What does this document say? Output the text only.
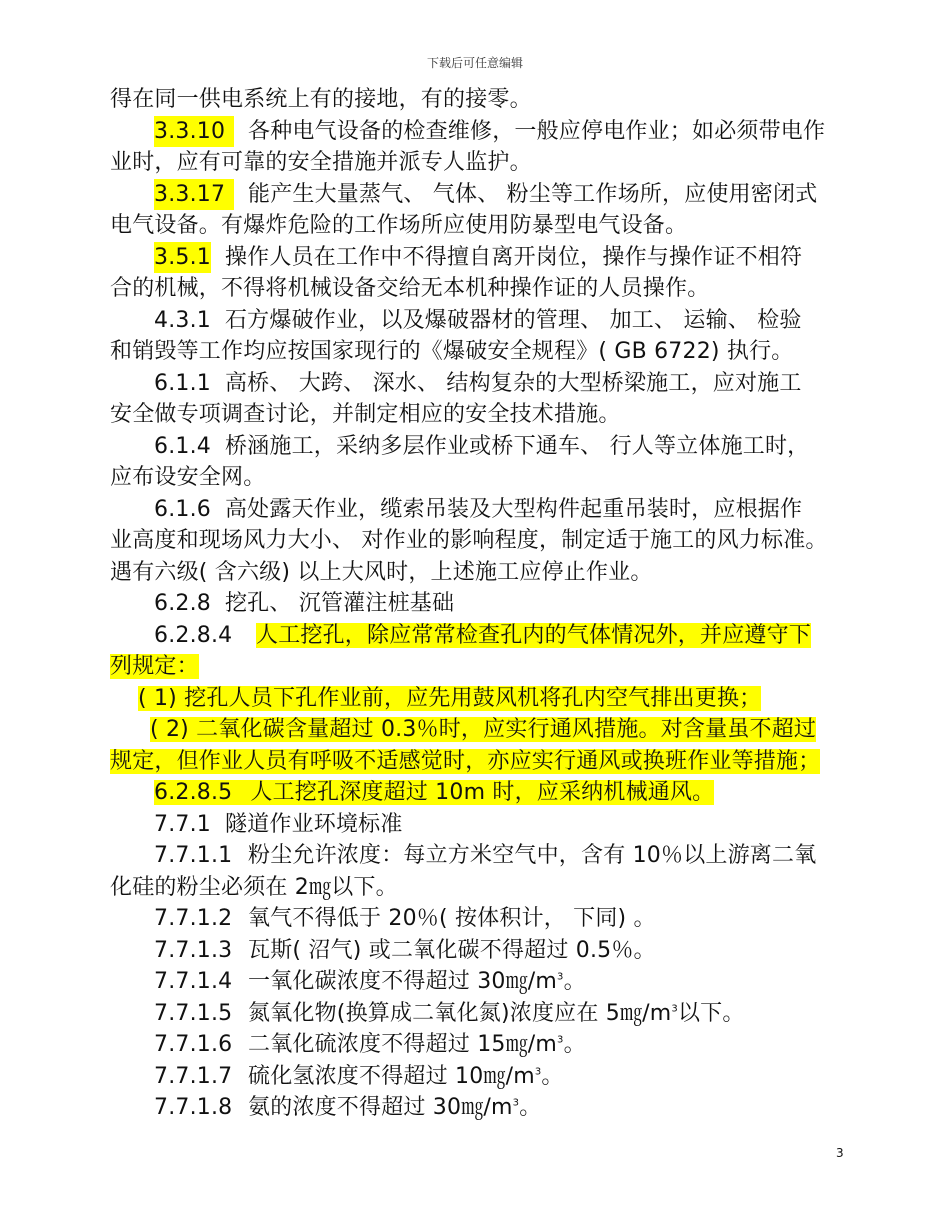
下载后可任意编辑
得在同一供电系统上有的接地，有的接零。
3.3.10 各种电气设备的检查维修，一般应停电作业；如必须带电作
业时，应有可靠的安全措施并派专人监护。
3.3.17 能产生大量蒸气、 气体、 粉尘等工作场所，应使用密闭式
电气设备。有爆炸危险的工作场所应使用防暴型电气设备。
3.5.1 操作人员在工作中不得擅自离开岗位，操作与操作证不相符
合的机械，不得将机械设备交给无本机种操作证的人员操作。
4.3.1 石方爆破作业，以及爆破器材的管理、 加工、 运输、 检验
和销毁等工作均应按国家现行的《爆破安全规程》( GB 6722) 执行。
6.1.1 高桥、 大跨、 深水、 结构复杂的大型桥梁施工，应对施工
安全做专项调查讨论，并制定相应的安全技术措施。
6.1.4 桥涵施工，采纳多层作业或桥下通车、 行人等立体施工时，
应布设安全网。
6.1.6 高处露天作业，缆索吊装及大型构件起重吊装时，应根据作
业高度和现场风力大小、 对作业的影响程度，制定适于施工的风力标准。
遇有六级( 含六级) 以上大风时，上述施工应停止作业。
6.2.8 挖孔、 沉管灌注桩基础
6.2.8.4 人工挖孔，除应常常检查孔内的气体情况外，并应遵守下
列规定：
( 1) 挖孔人员下孔作业前，应先用鼓风机将孔内空气排出更换；
( 2) 二氧化碳含量超过 0.3％时，应实行通风措施。对含量虽不超过
规定，但作业人员有呼吸不适感觉时，亦应实行通风或换班作业等措施；
6.2.8.5 人工挖孔深度超过 10m 时，应采纳机械通风。
7.7.1 隧道作业环境标准
7.7.1.1 粉尘允许浓度：每立方米空气中，含有 10％以上游离二氧
化硅的粉尘必须在 2㎎以下。
7.7.1.2 氧气不得低于 20％( 按体积计， 下同) 。
7.7.1.3 瓦斯( 沼气) 或二氧化碳不得超过 0.5％。
7.7.1.4 一氧化碳浓度不得超过 $30㎎/m^3$。
7.7.1.5 氮氧化物(换算成二氧化氮)浓度应在 $5㎎/m^3$以下。
7.7.1.6 二氧化硫浓度不得超过 $15㎎/m^3$。
7.7.1.7 硫化氢浓度不得超过 $10㎎/m^3$。
7.7.1.8 氨的浓度不得超过 $30㎎/m^3$。
3
